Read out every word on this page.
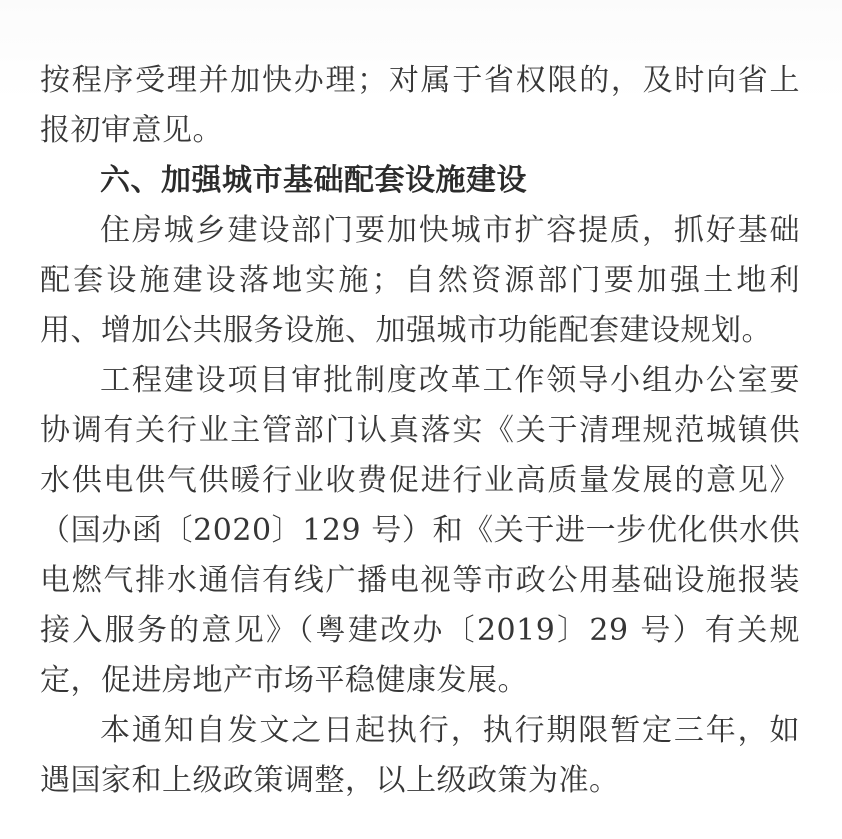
按程序受理并加快办理；对属于省权限的，及时向省上报初审意见。

六、加强城市基础配套设施建设

住房城乡建设部门要加快城市扩容提质，抓好基础配套设施建设落地实施；自然资源部门要加强土地利用、增加公共服务设施、加强城市功能配套建设规划。

工程建设项目审批制度改革工作领导小组办公室要协调有关行业主管部门认真落实《关于清理规范城镇供水供电供气供暖行业收费促进行业高质量发展的意见》（国办函〔2020〕129 号）和《关于进一步优化供水供电燃气排水通信有线广播电视等市政公用基础设施报装接入服务的意见》（粤建改办〔2019〕29 号）有关规定，促进房地产市场平稳健康发展。

本通知自发文之日起执行，执行期限暂定三年，如遇国家和上级政策调整，以上级政策为准。
